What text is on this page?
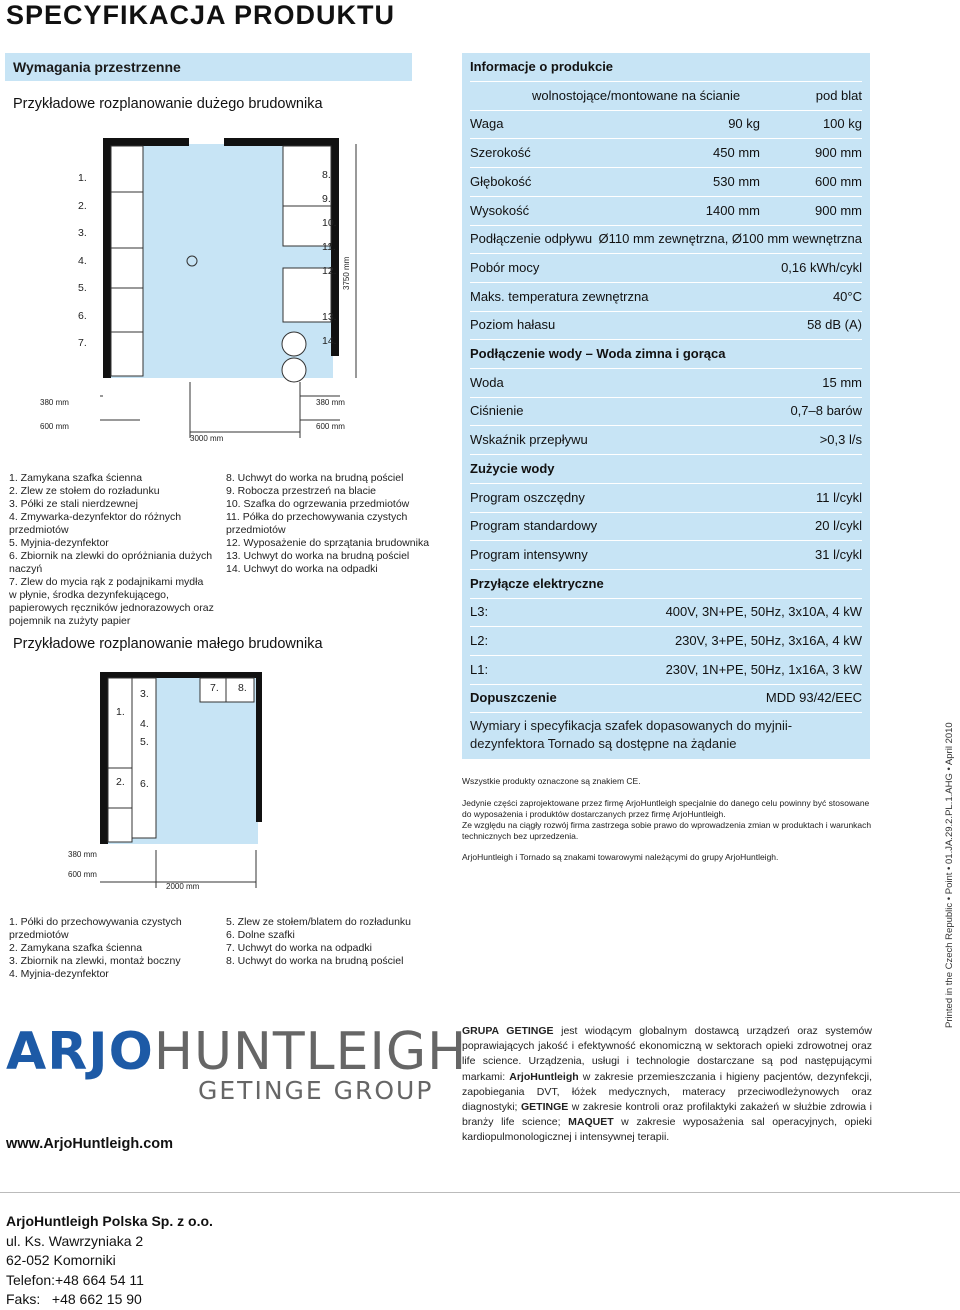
SPECYFIKACJA PRODUKTU
Wymagania przestrzenne
Przykładowe rozplanowanie dużego brudownika
1.
2.
3.
4.
5.
6.
7.
8.
9.
10.
11.
12.
13.
14.
380 mm
600 mm
380 mm
600 mm
3000 mm
3750 mm
1. Zamykana szafka ścienna
2. Zlew ze stołem do rozładunku
3. Półki ze stali nierdzewnej
4. Zmywarka-dezynfektor do różnych
przedmiotów
5. Myjnia-dezynfektor
6. Zbiornik na zlewki do opróżniania dużych
naczyń
7. Zlew do mycia rąk z podajnikami mydła
w płynie, środka dezynfekującego,
papierowych ręczników jednorazowych oraz
pojemnik na zużyty papier
8. Uchwyt do worka na brudną pościel
9. Robocza przestrzeń na blacie
10. Szafka do ogrzewania przedmiotów
11. Półka do przechowywania czystych
przedmiotów
12. Wyposażenie do sprzątania brudownika
13. Uchwyt do worka na brudną pościel
14. Uchwyt do worka na odpadki
Przykładowe rozplanowanie małego brudownika
1.
2.
3.
4.
5.
6.
7. 8.
380 mm
600 mm
2000 mm
1. Półki do przechowywania czystych
przedmiotów
2. Zamykana szafka ścienna
3. Zbiornik na zlewki, montaż boczny
4. Myjnia-dezynfektor
5. Zlew ze stołem/blatem do rozładunku
6. Dolne szafki
7. Uchwyt do worka na odpadki
8. Uchwyt do worka na brudną pościel
Informacje o produkcie
wolnostojące/montowane na ścianie	pod blat
Waga	90 kg	100 kg
Szerokość	450 mm	900 mm
Głębokość	530 mm	600 mm
Wysokość	1400 mm	900 mm
Podłączenie odpływu Ø110 mm zewnętrzna, Ø100 mm wewnętrzna
Pobór mocy	0,16 kWh/cykl
Maks. temperatura zewnętrzna	40°C
Poziom hałasu	58 dB (A)
Podłączenie wody – Woda zimna i gorąca
Woda	15 mm
Ciśnienie	0,7–8 barów
Wskaźnik przepływu	>0,3 l/s
Zużycie wody
Program oszczędny	11 l/cykl
Program standardowy	20 l/cykl
Program intensywny	31 l/cykl
Przyłącze elektryczne
L3:	400V, 3N+PE, 50Hz, 3x10A, 4 kW
L2:	230V, 3+PE, 50Hz, 3x16A, 4 kW
L1:	230V, 1N+PE, 50Hz, 1x16A, 3 kW
Dopuszczenie	MDD 93/42/EEC
Wymiary i specyfikacja szafek dopasowanych do myjnii-
dezynfektora Tornado są dostępne na żądanie
Wszystkie produkty oznaczone są znakiem CE.
Jedynie części zaprojektowane przez firmę ArjoHuntleigh specjalnie do danego celu powinny być stosowane do wyposażenia i produktów dostarczanych przez firmę ArjoHuntleigh.
Ze względu na ciągły rozwój firma zastrzega sobie prawo do wprowadzenia zmian w produktach i warunkach technicznych bez uprzedzenia.
ArjoHuntleigh i Tornado są znakami towarowymi należącymi do grupy ArjoHuntleigh.	Printed in the Czech Republic • Point • 01.JA.29.2.PL.1.AHG • April 2010
GRUPA GETINGE jest wiodącym globalnym dostawcą urządzeń oraz systemów poprawiających jakość i efektywność ekonomiczną w sektorach opieki zdrowotnej oraz life science. Urządzenia, usługi i technologie dostarczane są pod następującymi markami: ArjoHuntleigh w zakresie przemieszczania i higieny pacjentów, dezynfekcji, zapobiegania DVT, łóżek medycznych, materacy przeciwodleżynowych oraz diagnostyki; GETINGE w zakresie kontroli oraz profilaktyki zakażeń w służbie zdrowia i branży life science; MAQUET w zakresie wyposażenia sal operacyjnych, opieki kardiopulmonologicznej i intensywnej terapii.
ARJOHUNTLEIGH
GETINGE GROUP
www.ArjoHuntleigh.com
ArjoHuntleigh Polska Sp. z o.o.
ul. Ks. Wawrzyniaka 2
62-052 Komorniki
Telefon:+48 664 54 11
Faks:   +48 662 15 90
